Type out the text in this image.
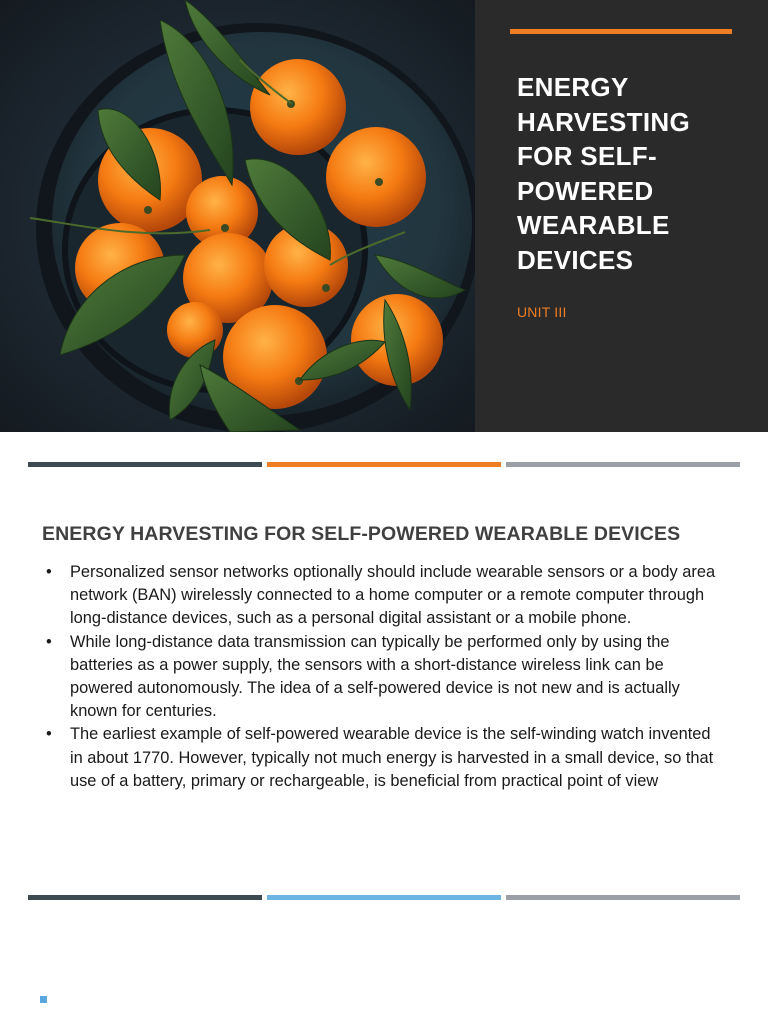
ENERGY
HARVESTING
FOR SELF-
POWERED
WEARABLE
DEVICES
UNIT III
ENERGY HARVESTING FOR SELF-POWERED WEARABLE DEVICES
• Personalized sensor networks optionally should include wearable sensors or a body area network (BAN) wirelessly connected to a home computer or a remote computer through long-distance devices, such as a personal digital assistant or a mobile phone.
• While long-distance data transmission can typically be performed only by using the batteries as a power supply, the sensors with a short-distance wireless link can be powered autonomously. The idea of a self-powered device is not new and is actually known for centuries.
• The earliest example of self-powered wearable device is the self-winding watch invented in about 1770. However, typically not much energy is harvested in a small device, so that use of a battery, primary or rechargeable, is beneficial from practical point of view
